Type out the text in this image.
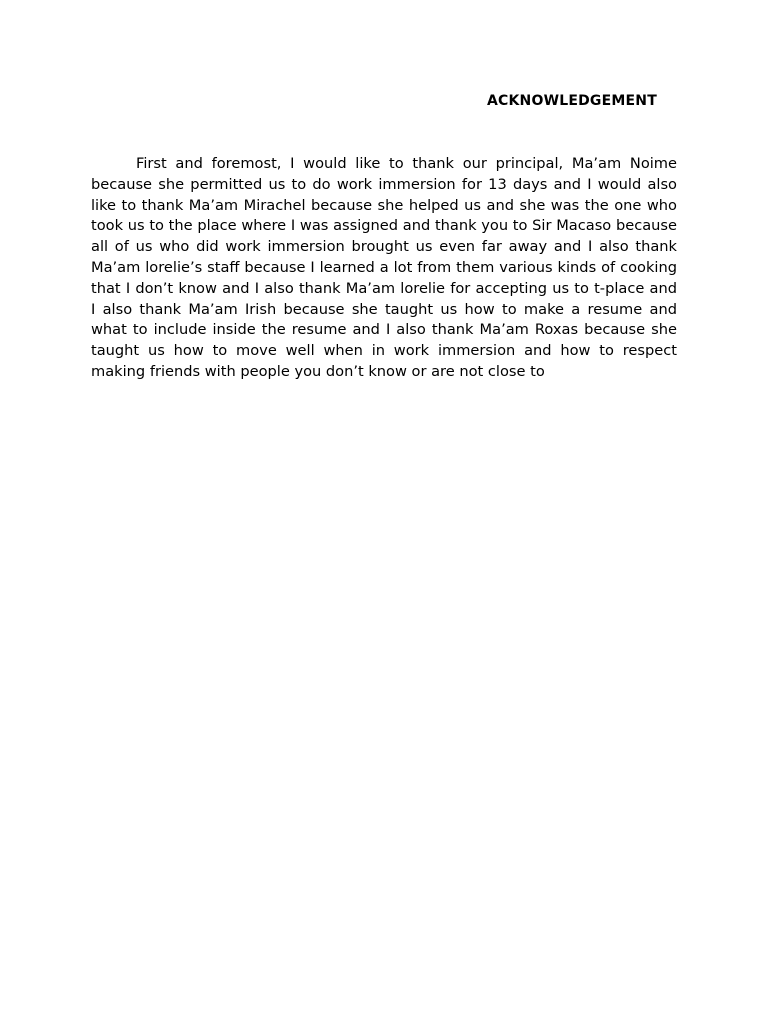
ACKNOWLEDGEMENT

First and foremost, I would like to thank our principal, Ma’am Noime because she permitted us to do work immersion for 13 days and I would also like to thank Ma’am Mirachel because she helped us and she was the one who took us to the place where I was assigned and thank you to Sir Macaso because all of us who did work immersion brought us even far away and I also thank Ma’am lorelie’s staff because I learned a lot from them various kinds of cooking that I don’t know and I also thank Ma’am lorelie for accepting us to t-place and I also thank Ma’am Irish because she taught us how to make a resume and what to include inside the resume and I also thank Ma’am Roxas because she taught us how to move well when in work immersion and how to respect making friends with people you don’t know or are not close to
